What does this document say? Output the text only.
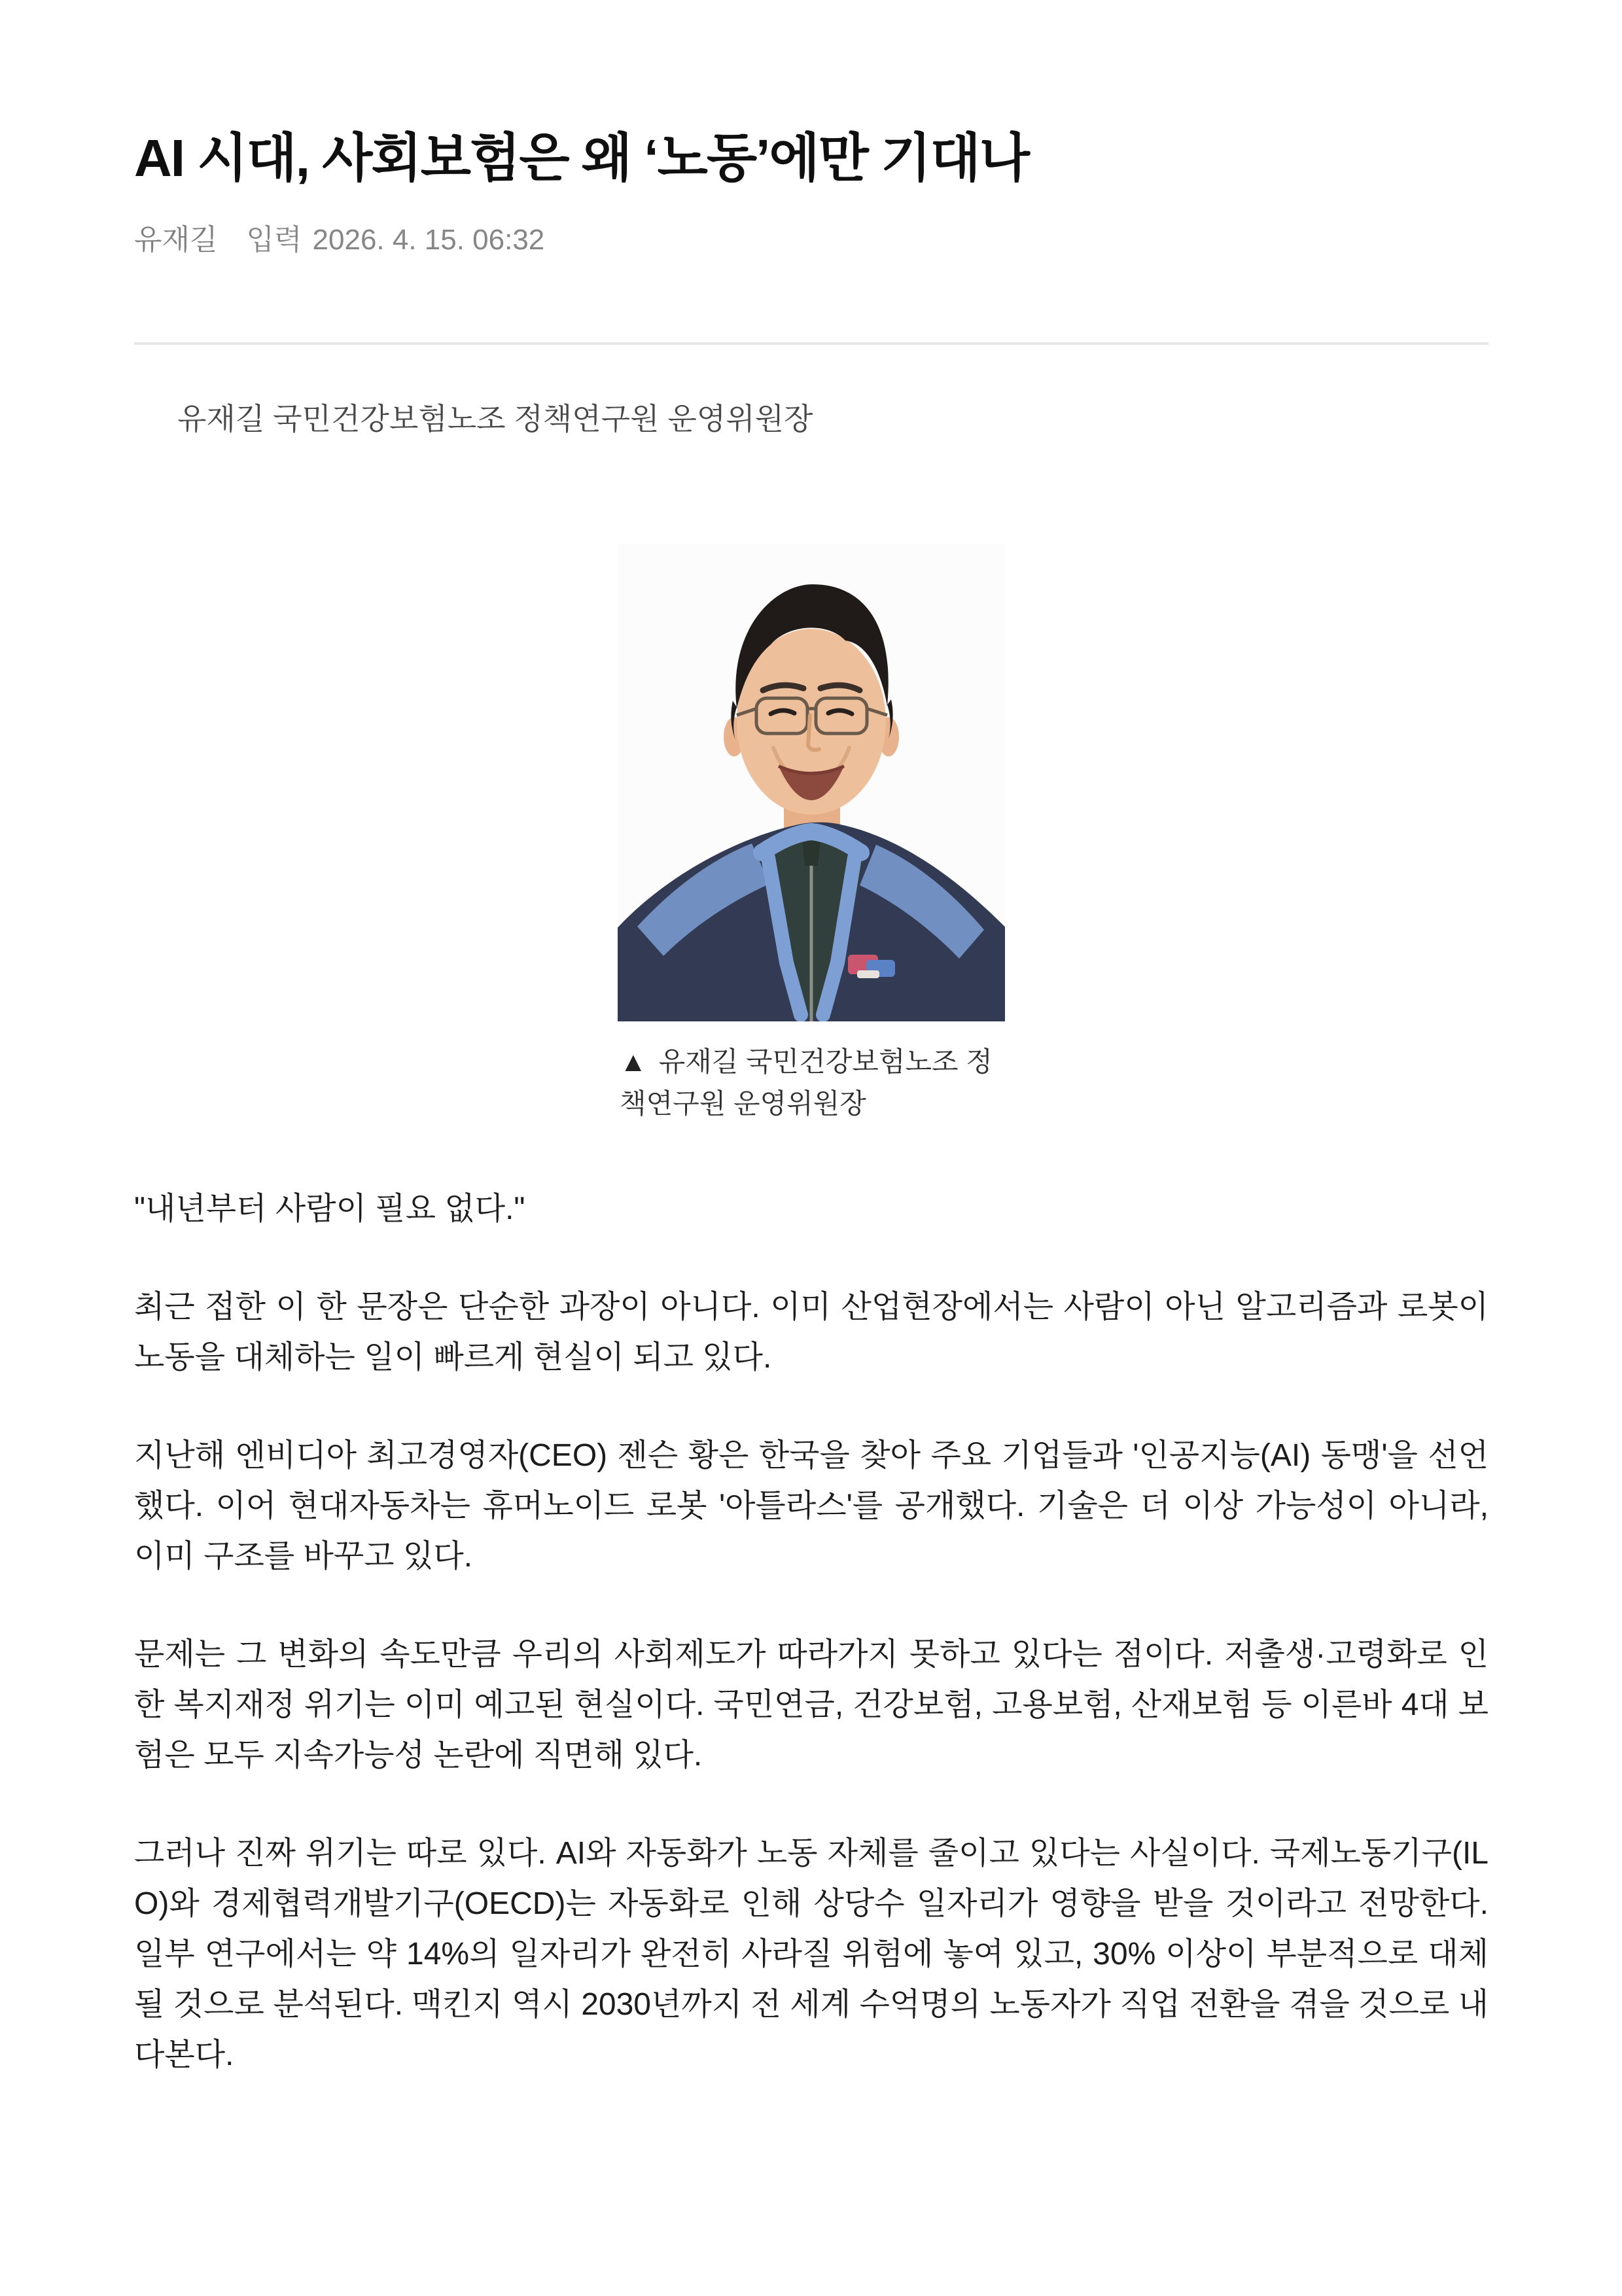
AI 시대, 사회보험은 왜 ‘노동’에만 기대나
유재길 입력 2026. 4. 15. 06:32
유재길 국민건강보험노조 정책연구원 운영위원장
▲ 유재길 국민건강보험노조 정책연구원 운영위원장

"내년부터 사람이 필요 없다."

최근 접한 이 한 문장은 단순한 과장이 아니다. 이미 산업현장에서는 사람이 아닌 알고리즘과 로봇이 노동을 대체하는 일이 빠르게 현실이 되고 있다.

지난해 엔비디아 최고경영자(CEO) 젠슨 황은 한국을 찾아 주요 기업들과 '인공지능(AI) 동맹'을 선언했다. 이어 현대자동차는 휴머노이드 로봇 '아틀라스'를 공개했다. 기술은 더 이상 가능성이 아니라, 이미 구조를 바꾸고 있다.

문제는 그 변화의 속도만큼 우리의 사회제도가 따라가지 못하고 있다는 점이다. 저출생·고령화로 인한 복지재정 위기는 이미 예고된 현실이다. 국민연금, 건강보험, 고용보험, 산재보험 등 이른바 4대 보험은 모두 지속가능성 논란에 직면해 있다.

그러나 진짜 위기는 따로 있다. AI와 자동화가 노동 자체를 줄이고 있다는 사실이다. 국제노동기구(ILO)와 경제협력개발기구(OECD)는 자동화로 인해 상당수 일자리가 영향을 받을 것이라고 전망한다. 일부 연구에서는 약 14%의 일자리가 완전히 사라질 위험에 놓여 있고, 30% 이상이 부분적으로 대체될 것으로 분석된다. 맥킨지 역시 2030년까지 전 세계 수억명의 노동자가 직업 전환을 겪을 것으로 내다본다.
